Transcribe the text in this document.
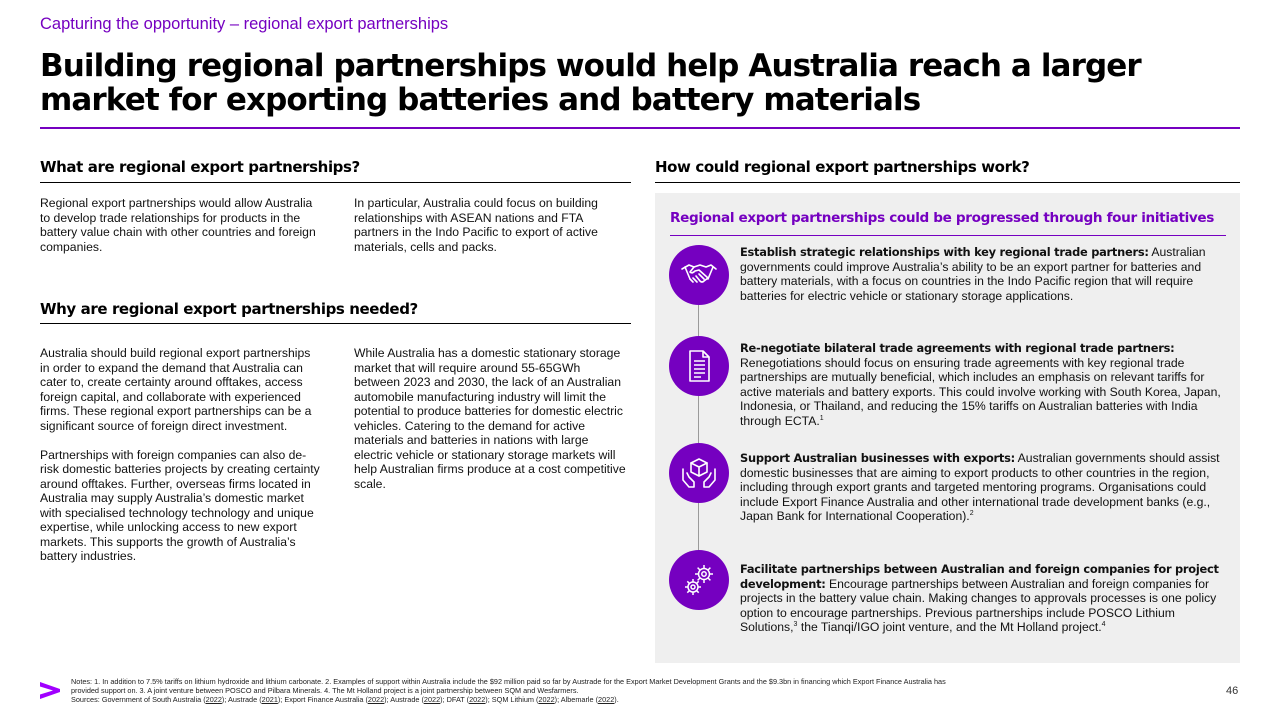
Capturing the opportunity – regional export partnerships
Building regional partnerships would help Australia reach a larger market for exporting batteries and battery materials
What are regional export partnerships?
Regional export partnerships would allow Australia to develop trade relationships for products in the battery value chain with other countries and foreign companies.
In particular, Australia could focus on building relationships with ASEAN nations and FTA partners in the Indo Pacific to export of active materials, cells and packs.
Why are regional export partnerships needed?

Australia should build regional export partnerships in order to expand the demand that Australia can cater to, create certainty around offtakes, access foreign capital, and collaborate with experienced firms. These regional export partnerships can be a significant source of foreign direct investment.

Partnerships with foreign companies can also de-risk domestic batteries projects by creating certainty around offtakes. Further, overseas firms located in Australia may supply Australia’s domestic market with specialised technology technology and unique expertise, while unlocking access to new export markets. This supports the growth of Australia’s battery industries.

While Australia has a domestic stationary storage market that will require around 55-65GWh between 2023 and 2030, the lack of an Australian automobile manufacturing industry will limit the potential to produce batteries for domestic electric vehicles. Catering to the demand for active materials and batteries in nations with large electric vehicle or stationary storage markets will help Australian firms produce at a cost competitive scale.
How could regional export partnerships work?
Regional export partnerships could be progressed through four initiatives
Establish strategic relationships with key regional trade partners: Australian governments could improve Australia’s ability to be an export partner for batteries and battery materials, with a focus on countries in the Indo Pacific region that will require batteries for electric vehicle or stationary storage applications.
Re-negotiate bilateral trade agreements with regional trade partners: Renegotiations should focus on ensuring trade agreements with key regional trade partnerships are mutually beneficial, which includes an emphasis on relevant tariffs for active materials and battery exports. This could involve working with South Korea, Japan, Indonesia, or Thailand, and reducing the 15% tariffs on Australian batteries with India through ECTA.$^1$
Support Australian businesses with exports: Australian governments should assist domestic businesses that are aiming to export products to other countries in the region, including through export grants and targeted mentoring programs. Organisations could include Export Finance Australia and other international trade development banks (e.g., Japan Bank for International Cooperation).$^2$
Facilitate partnerships between Australian and foreign companies for project development: Encourage partnerships between Australian and foreign companies for projects in the battery value chain. Making changes to approvals processes is one policy option to encourage partnerships. Previous partnerships include POSCO Lithium Solutions,$^3$ the Tianqi/IGO joint venture, and the Mt Holland project.$^4$
Notes: 1. In addition to 7.5% tariffs on lithium hydroxide and lithium carbonate. 2. Examples of support within Australia include the $92 million paid so far by Austrade for the Export Market Development Grants and the $9.3bn in financing which Export Finance Australia has provided support on. 3. A joint venture between POSCO and Pilbara Minerals. 4. The Mt Holland project is a joint partnership between SQM and Wesfarmers.
Sources: Government of South Australia (2022); Austrade (2021); Export Finance Australia (2022); Austrade (2022); DFAT (2022); SQM Lithium (2022); Albemarle (2022).
46
